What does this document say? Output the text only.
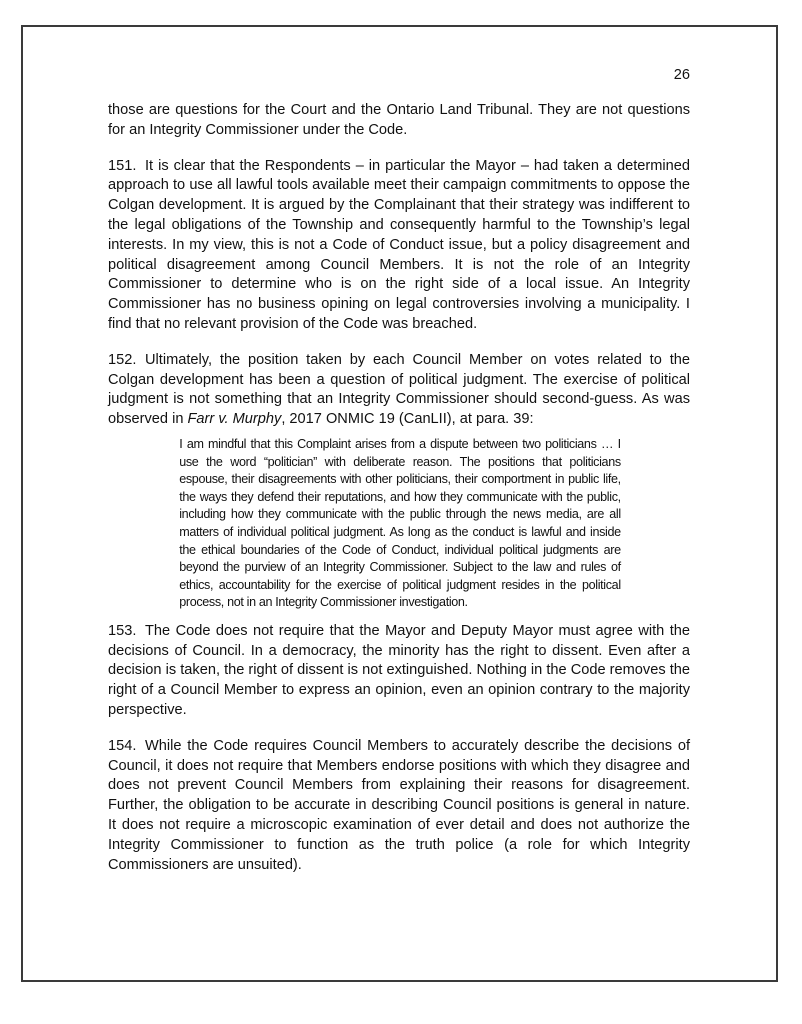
26

those are questions for the Court and the Ontario Land Tribunal. They are not questions for an Integrity Commissioner under the Code.

151. It is clear that the Respondents – in particular the Mayor – had taken a determined approach to use all lawful tools available meet their campaign commitments to oppose the Colgan development. It is argued by the Complainant that their strategy was indifferent to the legal obligations of the Township and consequently harmful to the Township’s legal interests. In my view, this is not a Code of Conduct issue, but a policy disagreement and political disagreement among Council Members. It is not the role of an Integrity Commissioner to determine who is on the right side of a local issue. An Integrity Commissioner has no business opining on legal controversies involving a municipality. I find that no relevant provision of the Code was breached.

152. Ultimately, the position taken by each Council Member on votes related to the Colgan development has been a question of political judgment. The exercise of political judgment is not something that an Integrity Commissioner should second-guess. As was observed in Farr v. Murphy, 2017 ONMIC 19 (CanLII), at para. 39:

I am mindful that this Complaint arises from a dispute between two politicians … I use the word “politician” with deliberate reason. The positions that politicians espouse, their disagreements with other politicians, their comportment in public life, the ways they defend their reputations, and how they communicate with the public, including how they communicate with the public through the news media, are all matters of individual political judgment. As long as the conduct is lawful and inside the ethical boundaries of the Code of Conduct, individual political judgments are beyond the purview of an Integrity Commissioner. Subject to the law and rules of ethics, accountability for the exercise of political judgment resides in the political process, not in an Integrity Commissioner investigation.

153. The Code does not require that the Mayor and Deputy Mayor must agree with the decisions of Council. In a democracy, the minority has the right to dissent. Even after a decision is taken, the right of dissent is not extinguished. Nothing in the Code removes the right of a Council Member to express an opinion, even an opinion contrary to the majority perspective.

154. While the Code requires Council Members to accurately describe the decisions of Council, it does not require that Members endorse positions with which they disagree and does not prevent Council Members from explaining their reasons for disagreement. Further, the obligation to be accurate in describing Council positions is general in nature. It does not require a microscopic examination of ever detail and does not authorize the Integrity Commissioner to function as the truth police (a role for which Integrity Commissioners are unsuited).
